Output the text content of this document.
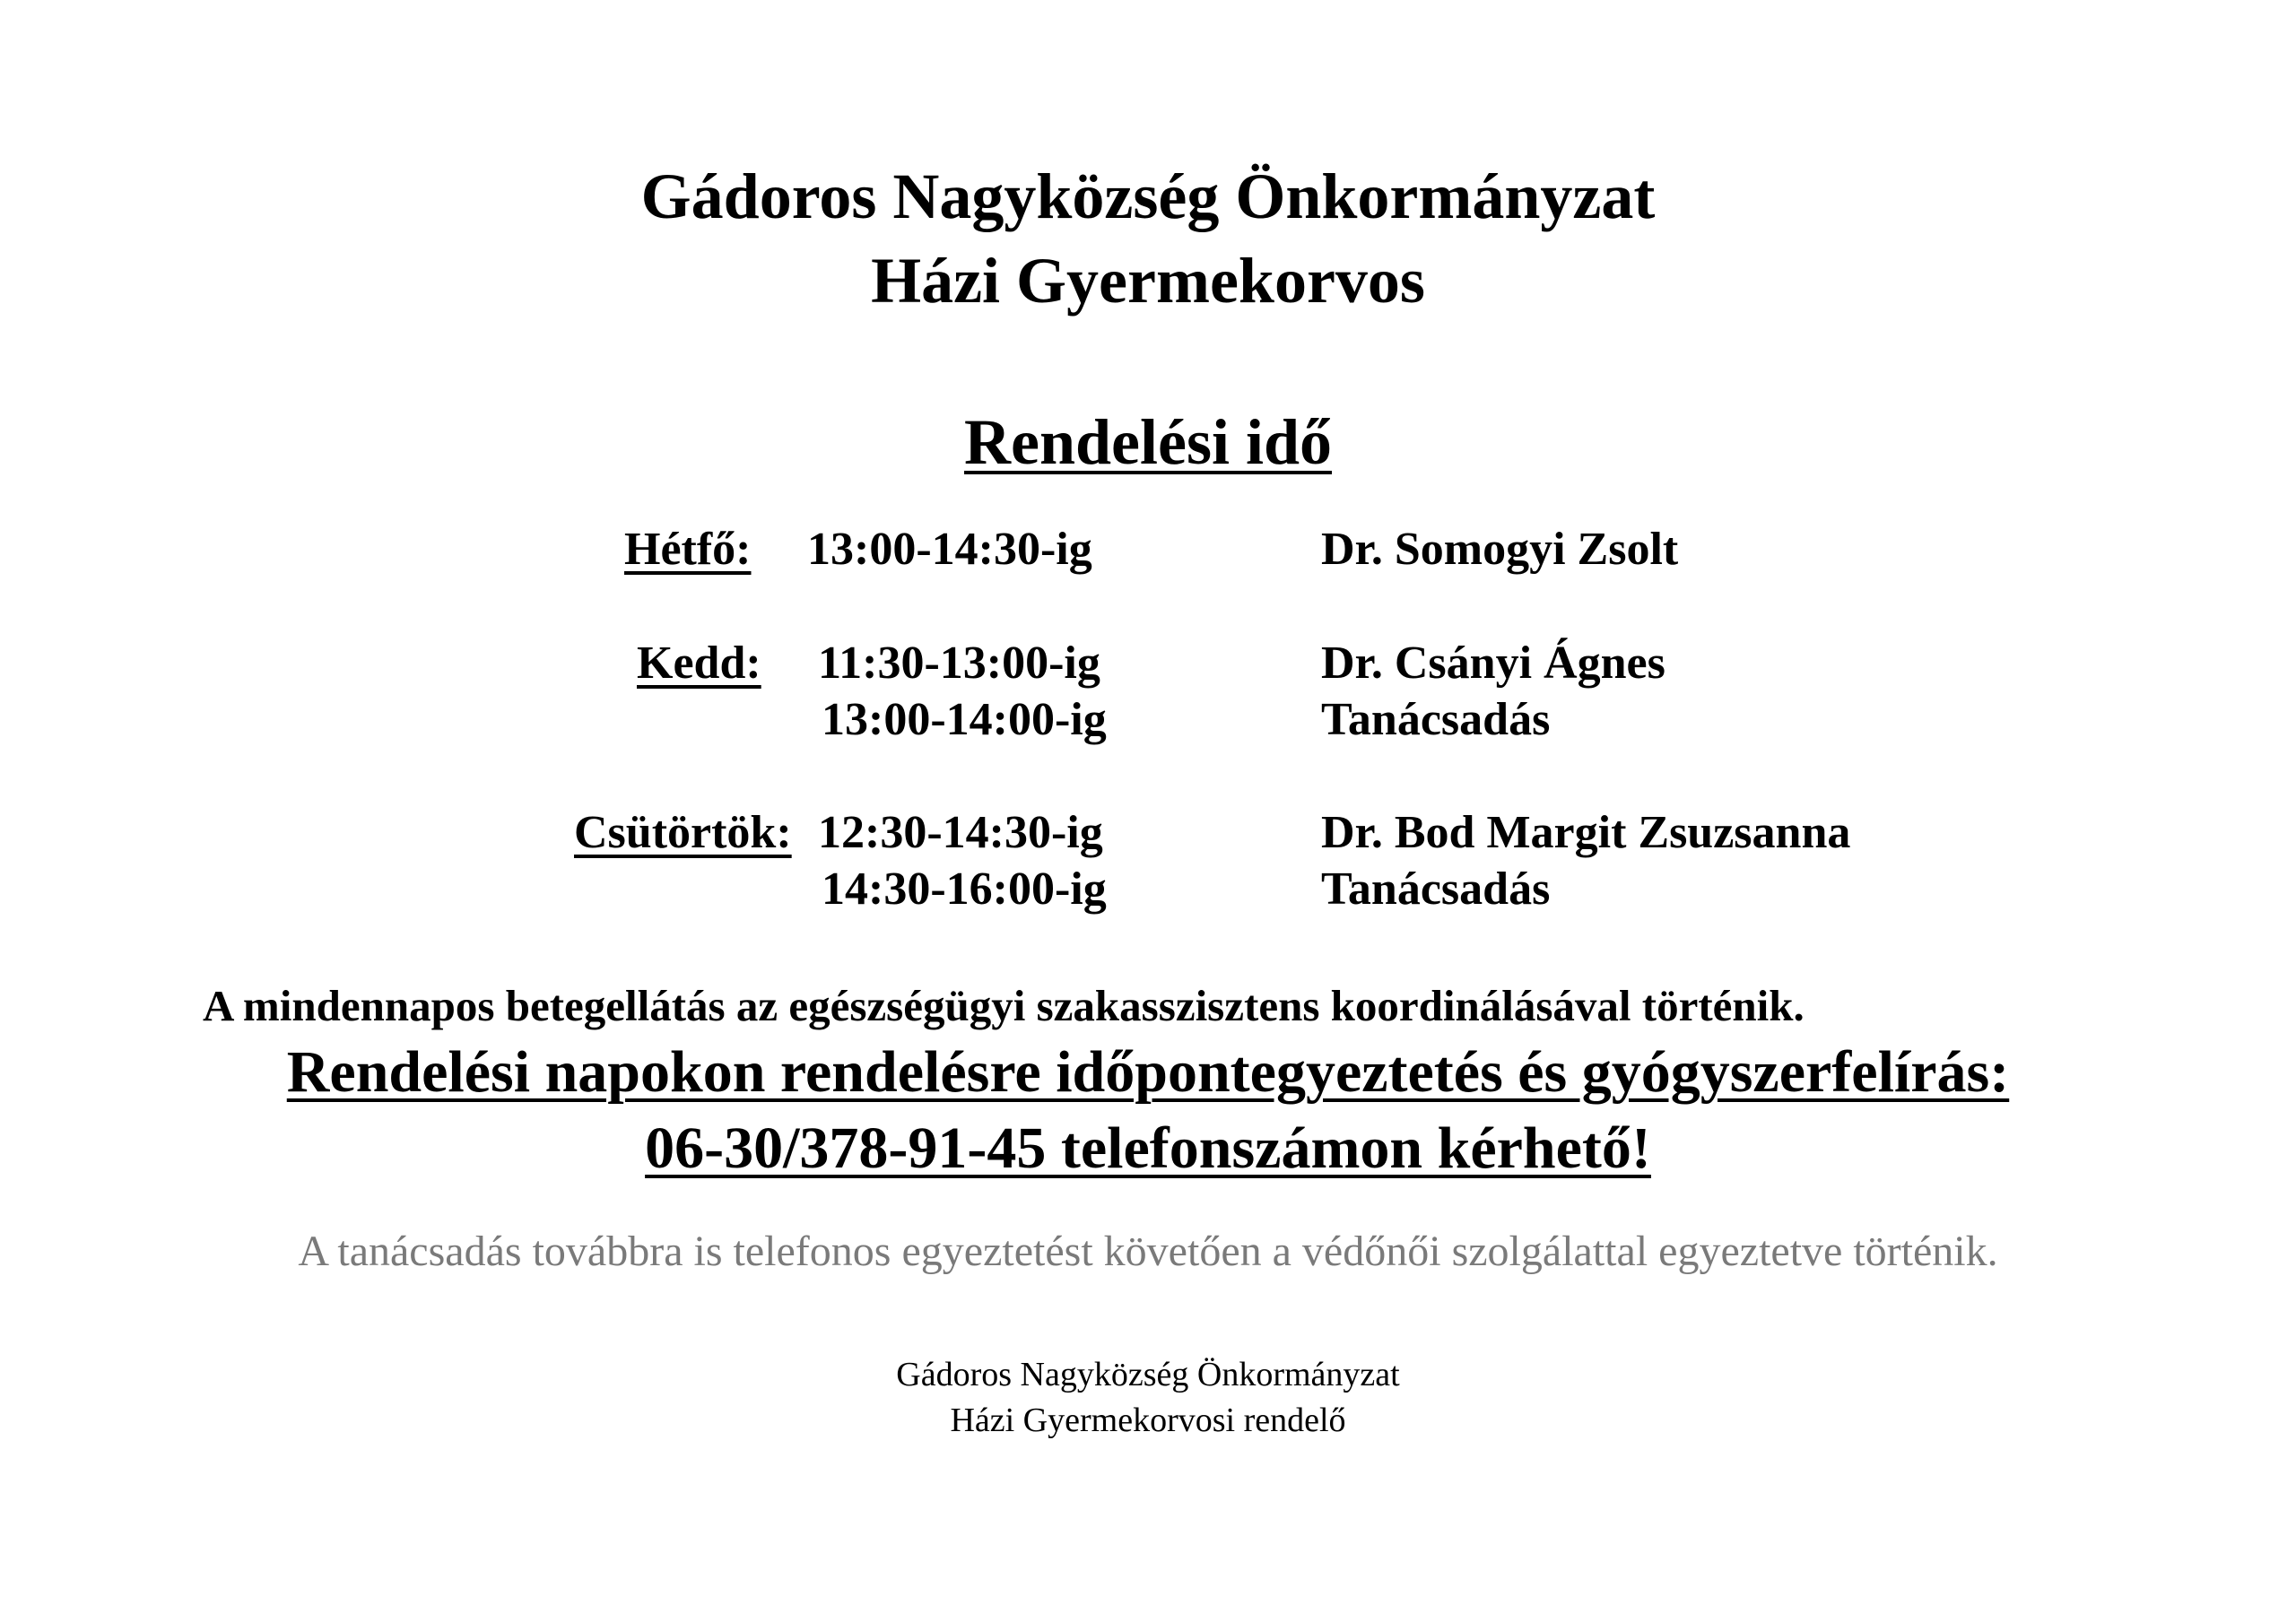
Gádoros Nagyközség Önkormányzat
Házi Gyermekorvos
Rendelési idő
Hétfő: 13:00-14:30-ig	Dr. Somogyi Zsolt
Kedd: 11:30-13:00-ig	Dr. Csányi Ágnes
13:00-14:00-ig	Tanácsadás
Csütörtök: 12:30-14:30-ig	Dr. Bod Margit Zsuzsanna
14:30-16:00-ig	Tanácsadás
A mindennapos betegellátás az egészségügyi szakasszisztens koordinálásával történik.
Rendelési napokon rendelésre időpontegyeztetés és gyógyszerfelírás:
06-30/378-91-45 telefonszámon kérhető!
A tanácsadás továbbra is telefonos egyeztetést követően a védőnői szolgálattal egyeztetve történik.
Gádoros Nagyközség Önkormányzat
Házi Gyermekorvosi rendelő
